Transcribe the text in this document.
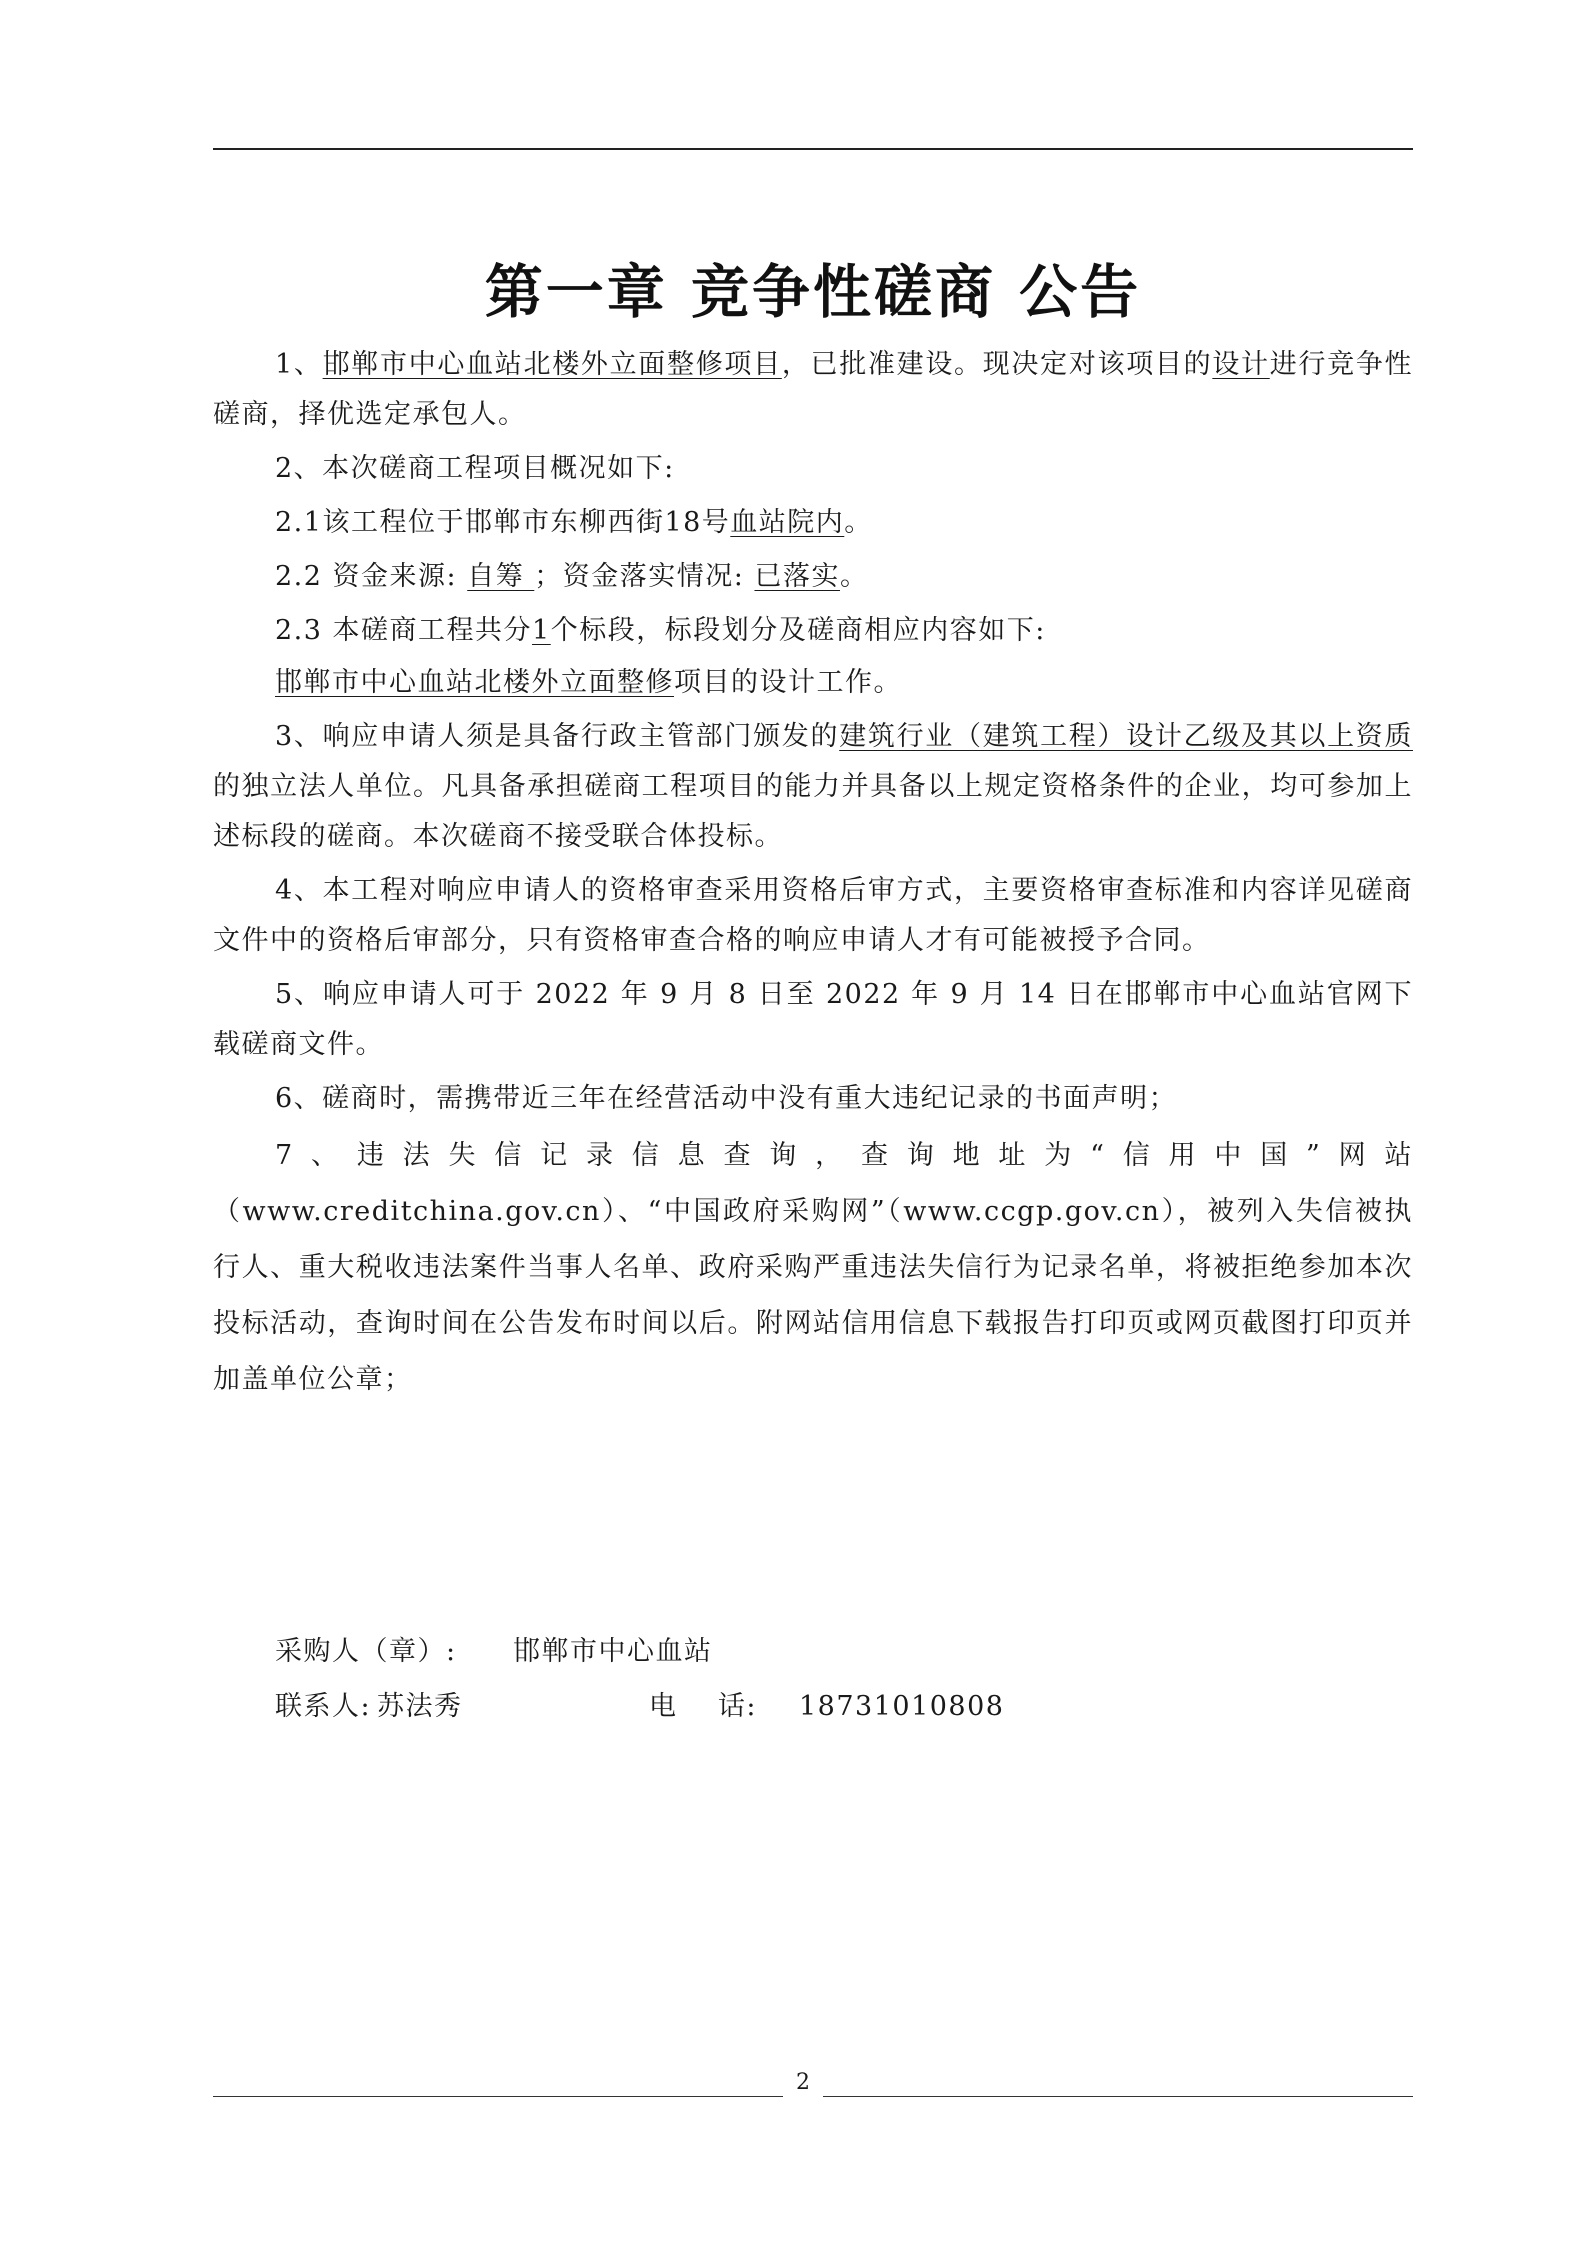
第一章 竞争性磋商 公告

1、邯郸市中心血站北楼外立面整修项目，已批准建设。现决定对该项目的设计进行竞争性磋商，择优选定承包人。

2、本次磋商工程项目概况如下:

2.1该工程位于邯郸市东柳西街18号血站院内。

2.2 资金来源: 自筹 ；资金落实情况: 已落实。

2.3 本磋商工程共分1个标段，标段划分及磋商相应内容如下:

邯郸市中心血站北楼外立面整修项目的设计工作。

3、响应申请人须是具备行政主管部门颁发的建筑行业（建筑工程）设计乙级及其以上资质的独立法人单位。凡具备承担磋商工程项目的能力并具备以上规定资格条件的企业，均可参加上述标段的磋商。本次磋商不接受联合体投标。

4、本工程对响应申请人的资格审查采用资格后审方式，主要资格审查标准和内容详见磋商文件中的资格后审部分，只有资格审查合格的响应申请人才有可能被授予合同。

5、响应申请人可于 2022 年 9 月 8 日至 2022 年 9 月 14 日在邯郸市中心血站官网下载磋商文件。

6、磋商时，需携带近三年在经营活动中没有重大违纪记录的书面声明；

7、违法失信记录信息查询，查询地址为“信用中国”网站（www.creditchina.gov.cn）、“中国政府采购网”（www.ccgp.gov.cn），被列入失信被执行人、重大税收违法案件当事人名单、政府采购严重违法失信行为记录名单，将被拒绝参加本次投标活动，查询时间在公告发布时间以后。附网站信用信息下载报告打印页或网页截图打印页并加盖单位公章；

采购人（章）: 邯郸市中心血站
联系人: 苏法秀	电    话: 18731010808
2
